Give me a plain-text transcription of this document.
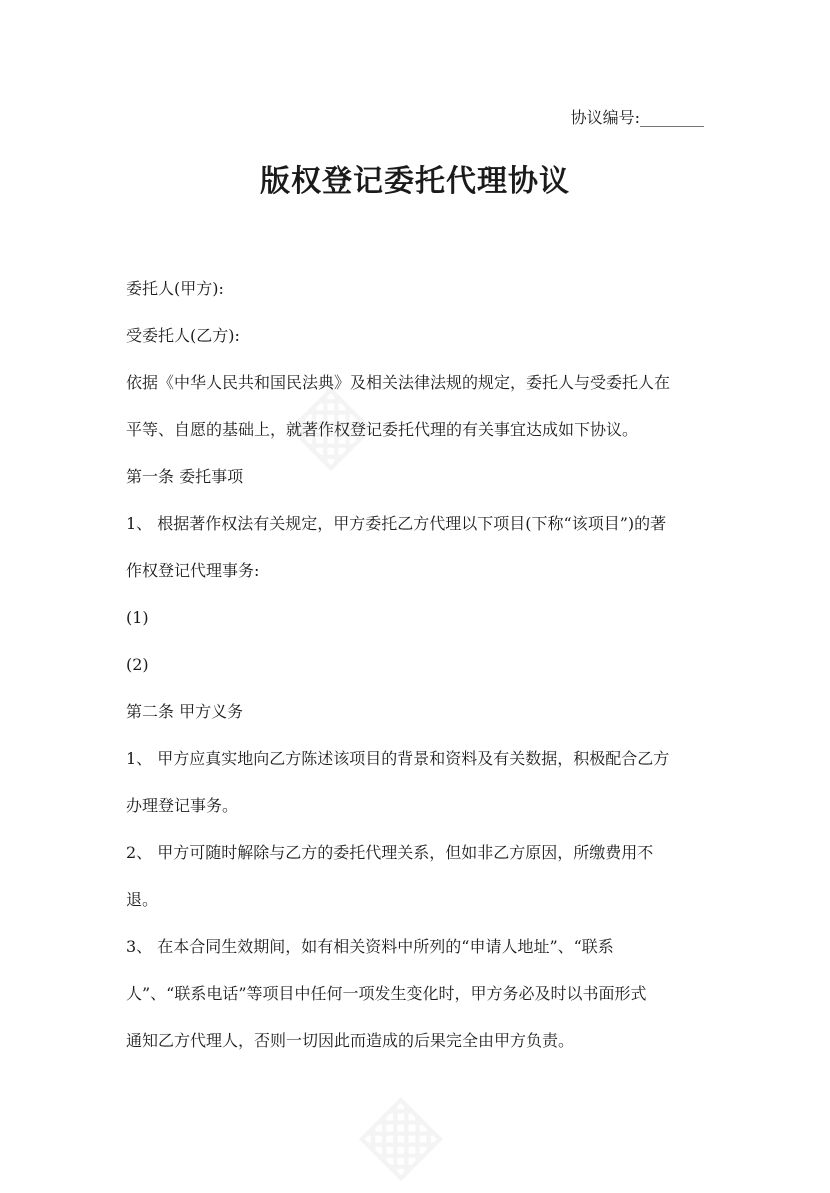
协议编号:________
版权登记委托代理协议

委托人(甲方):

受委托人(乙方):

依据《中华人民共和国民法典》及相关法律法规的规定，委托人与受委托人在

平等、自愿的基础上，就著作权登记委托代理的有关事宜达成如下协议。

第一条 委托事项

1、 根据著作权法有关规定，甲方委托乙方代理以下项目(下称“该项目”)的著

作权登记代理事务:

(1)

(2)

第二条 甲方义务

1、 甲方应真实地向乙方陈述该项目的背景和资料及有关数据，积极配合乙方

办理登记事务。

2、 甲方可随时解除与乙方的委托代理关系，但如非乙方原因，所缴费用不

退。

3、 在本合同生效期间，如有相关资料中所列的“申请人地址”、“联系

人”、“联系电话”等项目中任何一项发生变化时，甲方务必及时以书面形式

通知乙方代理人，否则一切因此而造成的后果完全由甲方负责。
